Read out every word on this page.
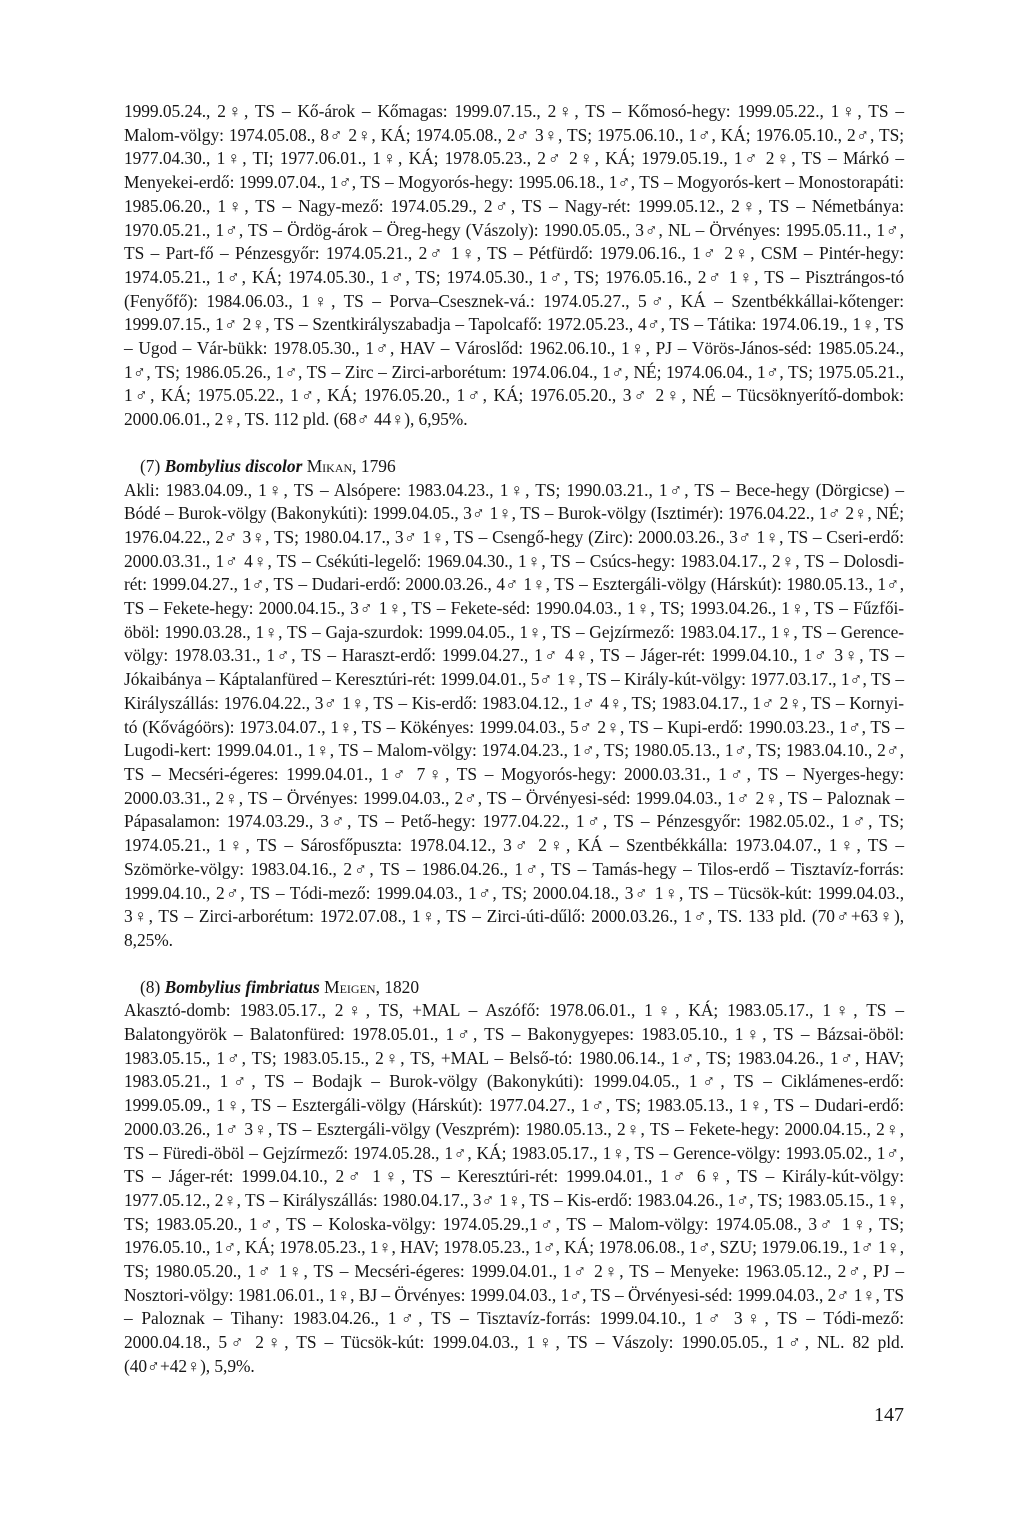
1999.05.24., 2♀, TS – Kő-árok – Kőmagas: 1999.07.15., 2♀, TS – Kőmosó-hegy: 1999.05.22., 1♀, TS – Malom-völgy: 1974.05.08., 8♂ 2♀, KÁ; 1974.05.08., 2♂ 3♀, TS; 1975.06.10., 1♂, KÁ; 1976.05.10., 2♂, TS; 1977.04.30., 1♀, TI; 1977.06.01., 1♀, KÁ; 1978.05.23., 2♂ 2♀, KÁ; 1979.05.19., 1♂ 2♀, TS – Márkó – Menyekei-erdő: 1999.07.04., 1♂, TS – Mogyorós-hegy: 1995.06.18., 1♂, TS – Mogyorós-kert – Monostorapáti: 1985.06.20., 1♀, TS – Nagy-mező: 1974.05.29., 2♂, TS – Nagy-rét: 1999.05.12., 2♀, TS – Németbánya: 1970.05.21., 1♂, TS – Ördög-árok – Öreg-hegy (Vászoly): 1990.05.05., 3♂, NL – Örvényes: 1995.05.11., 1♂, TS – Part-fő – Pénzesgyőr: 1974.05.21., 2♂ 1♀, TS – Pétfürdő: 1979.06.16., 1♂ 2♀, CSM – Pintér-hegy: 1974.05.21., 1♂, KÁ; 1974.05.30., 1♂, TS; 1974.05.30., 1♂, TS; 1976.05.16., 2♂ 1♀, TS – Pisztrángos-tó (Fenyőfő): 1984.06.03., 1♀, TS – Porva–Csesznek-vá.: 1974.05.27., 5♂, KÁ – Szentbékkállai-kőtenger: 1999.07.15., 1♂ 2♀, TS – Szentkirályszabadja – Tapolcafő: 1972.05.23., 4♂, TS – Tátika: 1974.06.19., 1♀, TS – Ugod – Vár-bükk: 1978.05.30., 1♂, HAV – Városlőd: 1962.06.10., 1♀, PJ – Vörös-János-séd: 1985.05.24., 1♂, TS; 1986.05.26., 1♂, TS – Zirc – Zirci-arborétum: 1974.06.04., 1♂, NÉ; 1974.06.04., 1♂, TS; 1975.05.21., 1♂, KÁ; 1975.05.22., 1♂, KÁ; 1976.05.20., 1♂, KÁ; 1976.05.20., 3♂ 2♀, NÉ – Tücsöknyerítő-dombok: 2000.06.01., 2♀, TS. 112 pld. (68♂ 44♀), 6,95%.

(7) Bombylius discolor Mikan, 1796

Akli: 1983.04.09., 1♀, TS – Alsópere: 1983.04.23., 1♀, TS; 1990.03.21., 1♂, TS – Bece-hegy (Dörgicse) – Bódé – Burok-völgy (Bakonykúti): 1999.04.05., 3♂ 1♀, TS – Burok-völgy (Isztimér): 1976.04.22., 1♂ 2♀, NÉ; 1976.04.22., 2♂ 3♀, TS; 1980.04.17., 3♂ 1♀, TS – Csengő-hegy (Zirc): 2000.03.26., 3♂ 1♀, TS – Cseri-erdő: 2000.03.31., 1♂ 4♀, TS – Csékúti-legelő: 1969.04.30., 1♀, TS – Csúcs-hegy: 1983.04.17., 2♀, TS – Dolosdi-rét: 1999.04.27., 1♂, TS – Dudari-erdő: 2000.03.26., 4♂ 1♀, TS – Esztergáli-völgy (Hárskút): 1980.05.13., 1♂, TS – Fekete-hegy: 2000.04.15., 3♂ 1♀, TS – Fekete-séd: 1990.04.03., 1♀, TS; 1993.04.26., 1♀, TS – Fűzfői-öböl: 1990.03.28., 1♀, TS – Gaja-szurdok: 1999.04.05., 1♀, TS – Gejzírmező: 1983.04.17., 1♀, TS – Gerence-völgy: 1978.03.31., 1♂, TS – Haraszt-erdő: 1999.04.27., 1♂ 4♀, TS – Jáger-rét: 1999.04.10., 1♂ 3♀, TS – Jókaibánya – Káptalanfüred – Keresztúri-rét: 1999.04.01., 5♂ 1♀, TS – Király-kút-völgy: 1977.03.17., 1♂, TS – Királyszállás: 1976.04.22., 3♂ 1♀, TS – Kis-erdő: 1983.04.12., 1♂ 4♀, TS; 1983.04.17., 1♂ 2♀, TS – Kornyi-tó (Kővágóörs): 1973.04.07., 1♀, TS – Kökényes: 1999.04.03., 5♂ 2♀, TS – Kupi-erdő: 1990.03.23., 1♂, TS – Lugodi-kert: 1999.04.01., 1♀, TS – Malom-völgy: 1974.04.23., 1♂, TS; 1980.05.13., 1♂, TS; 1983.04.10., 2♂, TS – Mecséri-égeres: 1999.04.01., 1♂ 7♀, TS – Mogyorós-hegy: 2000.03.31., 1♂, TS – Nyerges-hegy: 2000.03.31., 2♀, TS – Örvényes: 1999.04.03., 2♂, TS – Örvényesi-séd: 1999.04.03., 1♂ 2♀, TS – Paloznak – Pápasalamon: 1974.03.29., 3♂, TS – Pető-hegy: 1977.04.22., 1♂, TS – Pénzesgyőr: 1982.05.02., 1♂, TS; 1974.05.21., 1♀, TS – Sárosfőpuszta: 1978.04.12., 3♂ 2♀, KÁ – Szentbékkálla: 1973.04.07., 1♀, TS – Szömörke-völgy: 1983.04.16., 2♂, TS – 1986.04.26., 1♂, TS – Tamás-hegy – Tilos-erdő – Tisztavíz-forrás: 1999.04.10., 2♂, TS – Tódi-mező: 1999.04.03., 1♂, TS; 2000.04.18., 3♂ 1♀, TS – Tücsök-kút: 1999.04.03., 3♀, TS – Zirci-arborétum: 1972.07.08., 1♀, TS – Zirci-úti-dűlő: 2000.03.26., 1♂, TS. 133 pld. (70♂+63♀), 8,25%.

(8) Bombylius fimbriatus Meigen, 1820

Akasztó-domb: 1983.05.17., 2♀, TS, +MAL – Aszófő: 1978.06.01., 1♀, KÁ; 1983.05.17., 1♀, TS – Balatongyörök – Balatonfüred: 1978.05.01., 1♂, TS – Bakonygyepes: 1983.05.10., 1♀, TS – Bázsai-öböl: 1983.05.15., 1♂, TS; 1983.05.15., 2♀, TS, +MAL – Belső-tó: 1980.06.14., 1♂, TS; 1983.04.26., 1♂, HAV; 1983.05.21., 1♂, TS – Bodajk – Burok-völgy (Bakonykúti): 1999.04.05., 1♂, TS – Ciklámenes-erdő: 1999.05.09., 1♀, TS – Esztergáli-völgy (Hárskút): 1977.04.27., 1♂, TS; 1983.05.13., 1♀, TS – Dudari-erdő: 2000.03.26., 1♂ 3♀, TS – Esztergáli-völgy (Veszprém): 1980.05.13., 2♀, TS – Fekete-hegy: 2000.04.15., 2♀, TS – Füredi-öböl – Gejzírmező: 1974.05.28., 1♂, KÁ; 1983.05.17., 1♀, TS – Gerence-völgy: 1993.05.02., 1♂, TS – Jáger-rét: 1999.04.10., 2♂ 1♀, TS – Keresztúri-rét: 1999.04.01., 1♂ 6♀, TS – Király-kút-völgy: 1977.05.12., 2♀, TS – Királyszállás: 1980.04.17., 3♂ 1♀, TS – Kis-erdő: 1983.04.26., 1♂, TS; 1983.05.15., 1♀, TS; 1983.05.20., 1♂, TS – Koloska-völgy: 1974.05.29.,1♂, TS – Malom-völgy: 1974.05.08., 3♂ 1♀, TS; 1976.05.10., 1♂, KÁ; 1978.05.23., 1♀, HAV; 1978.05.23., 1♂, KÁ; 1978.06.08., 1♂, SZU; 1979.06.19., 1♂ 1♀, TS; 1980.05.20., 1♂ 1♀, TS – Mecséri-égeres: 1999.04.01., 1♂ 2♀, TS – Menyeke: 1963.05.12., 2♂, PJ – Nosztori-völgy: 1981.06.01., 1♀, BJ – Örvényes: 1999.04.03., 1♂, TS – Örvényesi-séd: 1999.04.03., 2♂ 1♀, TS – Paloznak – Tihany: 1983.04.26., 1♂, TS – Tisztavíz-forrás: 1999.04.10., 1♂ 3♀, TS – Tódi-mező: 2000.04.18., 5♂ 2♀, TS – Tücsök-kút: 1999.04.03., 1♀, TS – Vászoly: 1990.05.05., 1♂, NL. 82 pld. (40♂+42♀), 5,9%.

147
